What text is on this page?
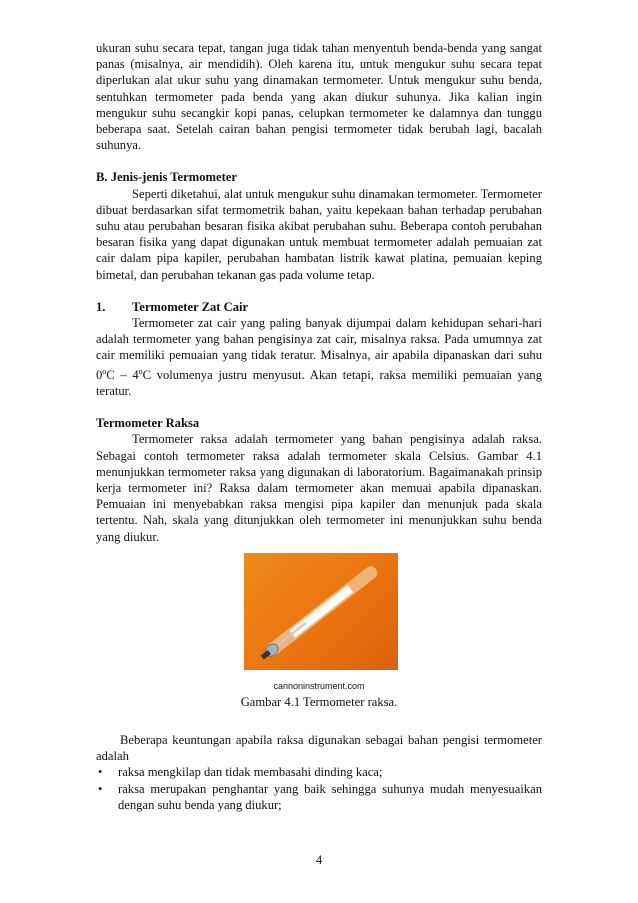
ukuran suhu secara tepat, tangan juga tidak tahan menyentuh benda-benda yang sangat panas (misalnya, air mendidih). Oleh karena itu, untuk mengukur suhu secara tepat diperlukan alat ukur suhu yang dinamakan termometer. Untuk mengukur suhu benda, sentuhkan termometer pada benda yang akan diukur suhunya. Jika kalian ingin mengukur suhu secangkir kopi panas, celupkan termometer ke dalamnya dan tunggu beberapa saat. Setelah cairan bahan pengisi termometer tidak berubah lagi, bacalah suhunya.

B. Jenis-jenis Termometer

Seperti diketahui, alat untuk mengukur suhu dinamakan termometer. Termometer dibuat berdasarkan sifat termometrik bahan, yaitu kepekaan bahan terhadap perubahan suhu atau perubahan besaran fisika akibat perubahan suhu. Beberapa contoh perubahan besaran fisika yang dapat digunakan untuk membuat termometer adalah pemuaian zat cair dalam pipa kapiler, perubahan hambatan listrik kawat platina, pemuaian keping bimetal, dan perubahan tekanan gas pada volume tetap.

1.	Termometer Zat Cair

Termometer zat cair yang paling banyak dijumpai dalam kehidupan sehari-hari adalah termometer yang bahan pengisinya zat cair, misalnya raksa. Pada umumnya zat cair memiliki pemuaian yang tidak teratur. Misalnya, air apabila dipanaskan dari suhu 0$^o$C – 4$^o$C volumenya justru menyusut. Akan tetapi, raksa memiliki pemuaian yang teratur.

Termometer Raksa

Termometer raksa adalah termometer yang bahan pengisinya adalah raksa. Sebagai contoh termometer raksa adalah termometer skala Celsius. Gambar 4.1 menunjukkan termometer raksa yang digunakan di laboratorium. Bagaimanakah prinsip kerja termometer ini? Raksa dalam termometer akan memuai apabila dipanaskan. Pemuaian ini menyebabkan raksa mengisi pipa kapiler dan menunjuk pada skala tertentu. Nah, skala yang ditunjukkan oleh termometer ini menunjukkan suhu benda yang diukur.

cannoninstrument.com
Gambar 4.1 Termometer raksa.

Beberapa keuntungan apabila raksa digunakan sebagai bahan pengisi termometer adalah

• raksa mengkilap dan tidak membasahi dinding kaca;
• raksa merupakan penghantar yang baik sehingga suhunya mudah menyesuaikan dengan suhu benda yang diukur;
4
